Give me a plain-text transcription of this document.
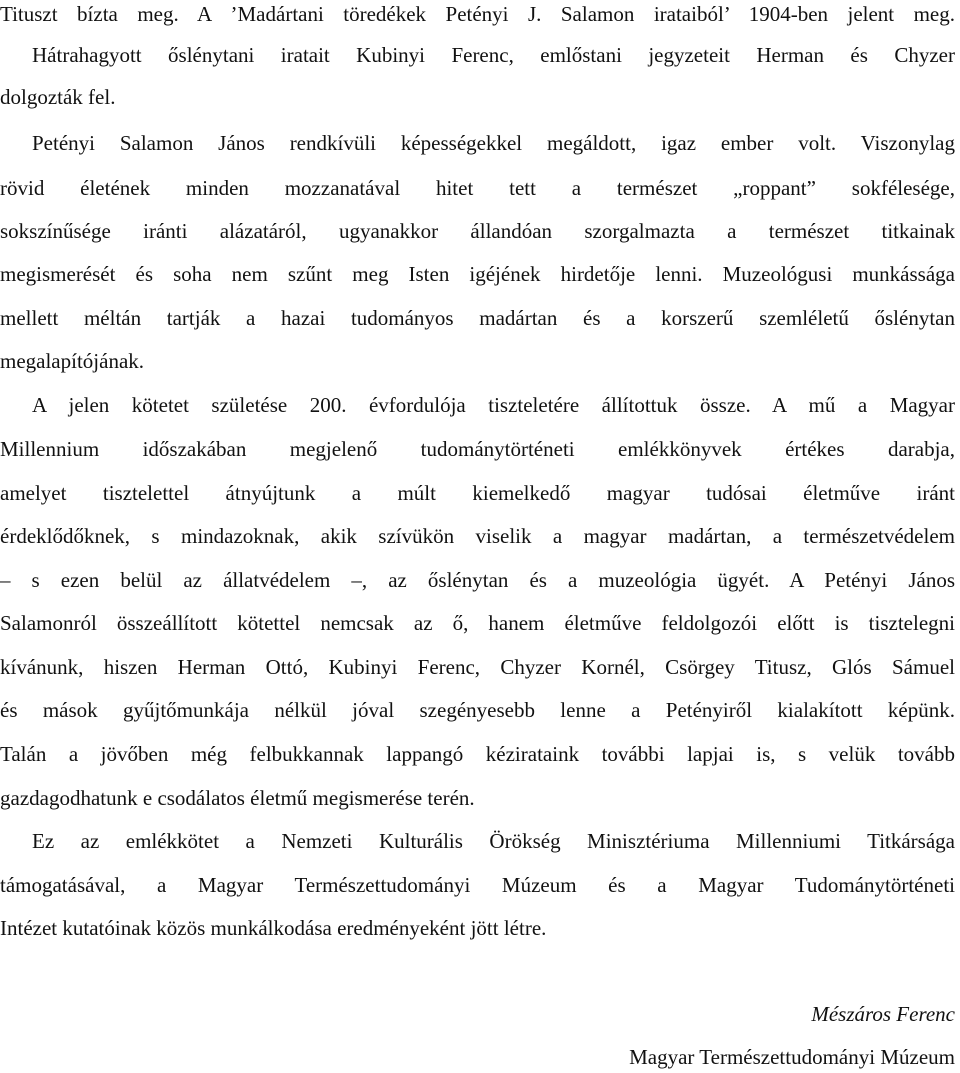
Tituszt bízta meg. A ’Madártani töredékek Petényi J. Salamon irataiból’ 1904-ben jelent meg.

Hátrahagyott őslénytani iratait Kubinyi Ferenc, emlőstani jegyzeteit Herman és Chyzer

dolgozták fel.

Petényi Salamon János rendkívüli képességekkel megáldott, igaz ember volt. Viszonylag

rövid életének minden mozzanatával hitet tett a természet „roppant” sokfélesége,

sokszínűsége iránti alázatáról, ugyanakkor állandóan szorgalmazta a természet titkainak

megismerését és soha nem szűnt meg Isten igéjének hirdetője lenni. Muzeológusi munkássága

mellett méltán tartják a hazai tudományos madártan és a korszerű szemléletű őslénytan

megalapítójának.

A jelen kötetet születése 200. évfordulója tiszteletére állítottuk össze. A mű a Magyar

Millennium időszakában megjelenő tudománytörténeti emlékkönyvek értékes darabja,

amelyet tisztelettel átnyújtunk a múlt kiemelkedő magyar tudósai életműve iránt

érdeklődőknek, s mindazoknak, akik szívükön viselik a magyar madártan, a természetvédelem

– s ezen belül az állatvédelem –, az őslénytan és a muzeológia ügyét. A Petényi János

Salamonról összeállított kötettel nemcsak az ő, hanem életműve feldolgozói előtt is tisztelegni

kívánunk, hiszen Herman Ottó, Kubinyi Ferenc, Chyzer Kornél, Csörgey Titusz, Glós Sámuel

és mások gyűjtőmunkája nélkül jóval szegényesebb lenne a Petényiről kialakított képünk.

Talán a jövőben még felbukkannak lappangó kézirataink további lapjai is, s velük tovább

gazdagodhatunk e csodálatos életmű megismerése terén.

Ez az emlékkötet a Nemzeti Kulturális Örökség Minisztériuma Millenniumi Titkársága

támogatásával, a Magyar Természettudományi Múzeum és a Magyar Tudománytörténeti

Intézet kutatóinak közös munkálkodása eredményeként jött létre.

Mészáros Ferenc

Magyar Természettudományi Múzeum
